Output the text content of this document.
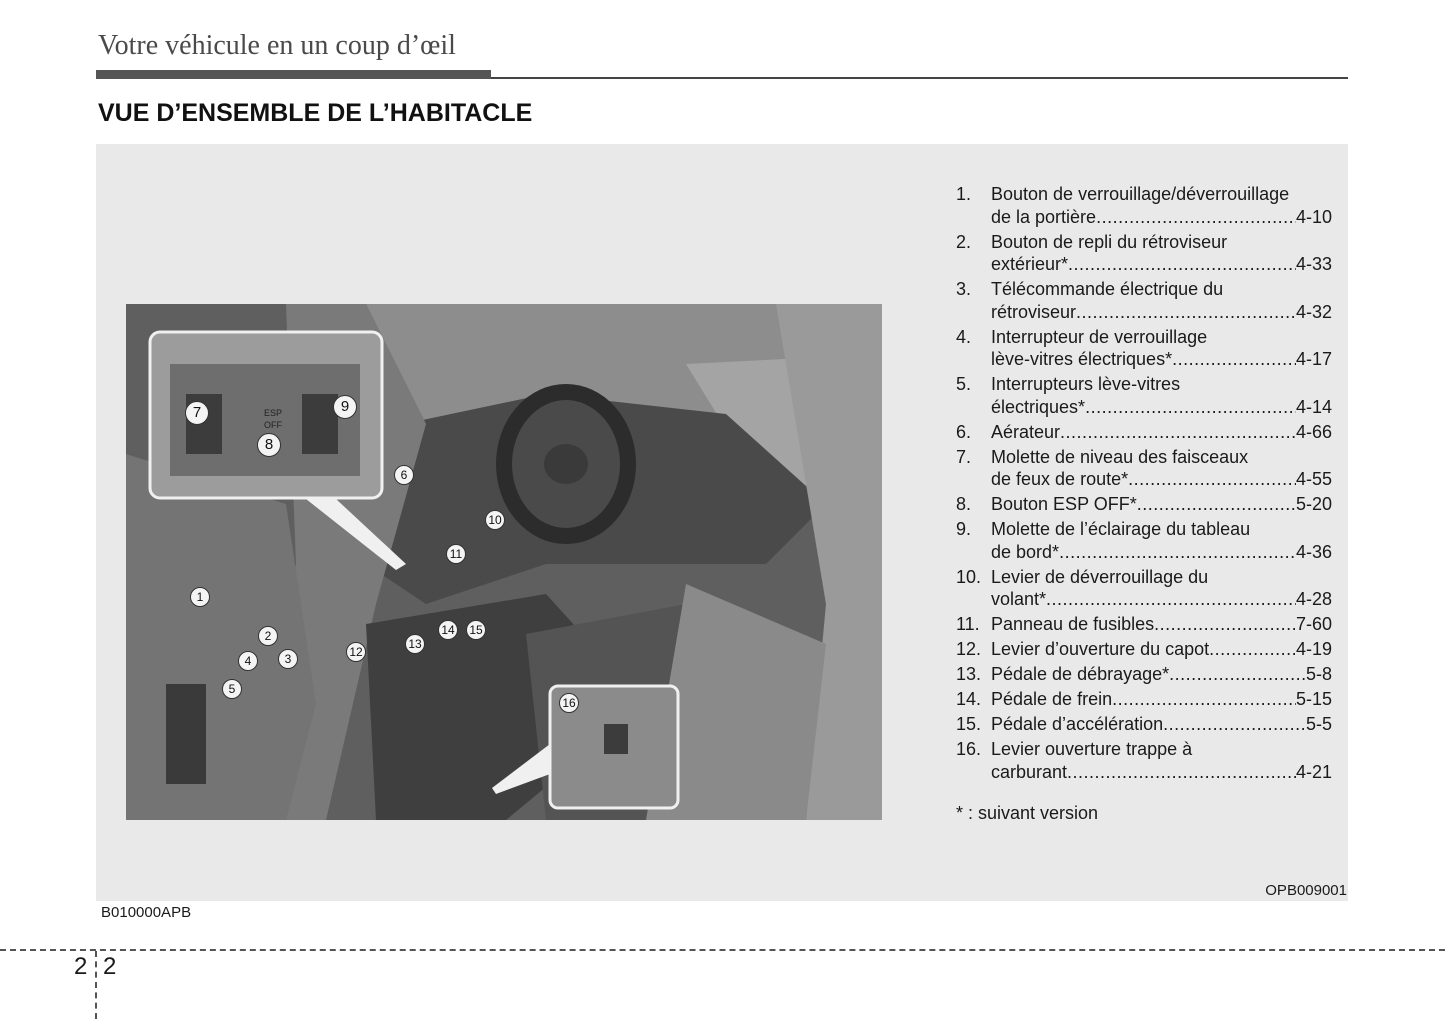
Votre véhicule en un coup d’œil
VUE D’ENSEMBLE DE L’HABITACLE
ESP
OFF
7
8
9
6
10
11
1
2
4	3
5
12
13
14 15
16
1. Bouton de verrouillage/déverrouillage
de la portière .....	4-10
2. Bouton de repli du rétroviseur
extérieur* .....	4-33
3. Télécommande électrique du
rétroviseur .....	4-32
4. Interrupteur de verrouillage
lève-vitres électriques* .....	4-17
5. Interrupteurs lève-vitres
électriques* .....	4-14
6. Aérateur .....	4-66
7. Molette de niveau des faisceaux
de feux de route* .....	4-55
8. Bouton ESP OFF* .....	5-20
9. Molette de l’éclairage du tableau
de bord* .....	4-36
10. Levier de déverrouillage du
volant* .....	4-28
11. Panneau de fusibles .....	7-60
12. Levier d’ouverture du capot .....	4-19
13. Pédale de débrayage* .....	5-8
14. Pédale de frein .....	5-15
15. Pédale d’accélération .....	5-5
16. Levier ouverture trappe à
carburant .....	4-21
* : suivant version
OPB009001
B010000APB
2 2
